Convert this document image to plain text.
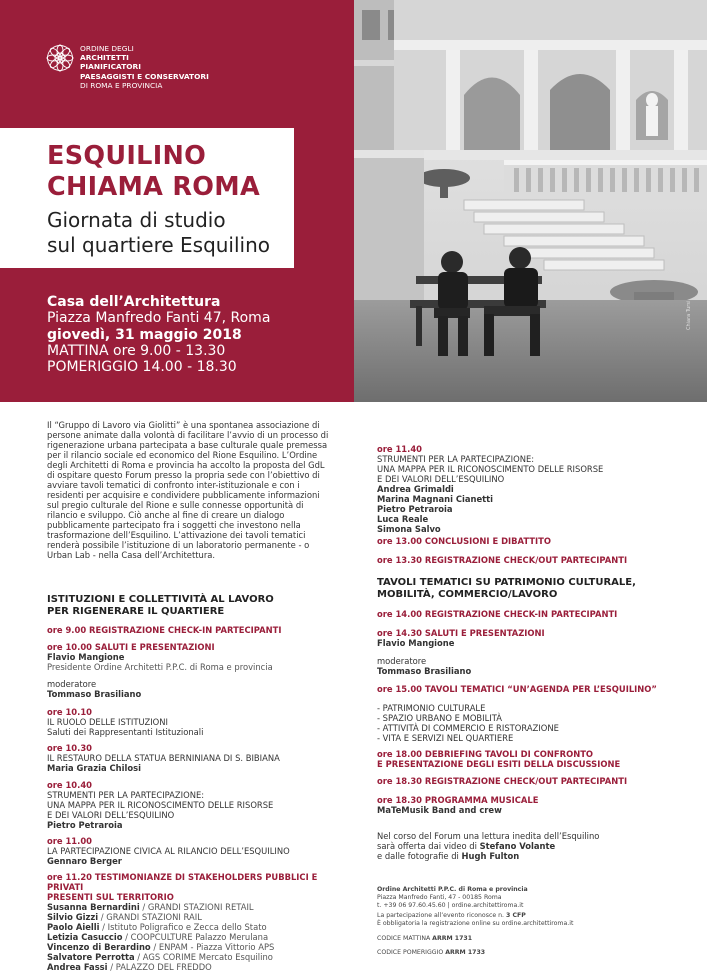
ORDINE DEGLI
ARCHITETTI
PIANIFICATORI
PAESAGGISTI E CONSERVATORI
DI ROMA E PROVINCIA
ESQUILINO
CHIAMA ROMA
Giornata di studio
sul quartiere Esquilino
Casa dell’Architettura
Piazza Manfredo Fanti 47, Roma
giovedì, 31 maggio 2018
MATTINA ore 9.00 - 13.30
POMERIGGIO 14.00 - 18.30
Chiara Tursi
Il “Gruppo di Lavoro via Giolitti” è una spontanea associazione di persone animate dalla volontà di facilitare l’avvio di un processo di rigenerazione urbana partecipata a base culturale quale premessa per il rilancio sociale ed economico del Rione Esquilino. L’Ordine degli Architetti di Roma e provincia ha accolto la proposta del GdL di ospitare questo Forum presso la propria sede con l’obiettivo di avviare tavoli tematici di confronto inter-istituzionale e con i residenti per acquisire e condividere pubblicamente informazioni sul pregio culturale del Rione e sulle connesse opportunità di rilancio e sviluppo. Ciò anche al fine di creare un dialogo pubblicamente partecipato fra i soggetti che investono nella trasformazione dell’Esquilino. L’attivazione dei tavoli tematici renderà possibile l’istituzione di un laboratorio permanente - o Urban Lab - nella Casa dell’Architettura.
ISTITUZIONI E COLLETTIVITÀ AL LAVORO
PER RIGENERARE IL QUARTIERE
ore 9.00 REGISTRAZIONE CHECK-IN PARTECIPANTI
ore 10.00 SALUTI E PRESENTAZIONI
Flavio Mangione
Presidente Ordine Architetti P.P.C. di Roma e provincia
moderatore
Tommaso Brasiliano
ore 10.10
IL RUOLO DELLE ISTITUZIONI
Saluti dei Rappresentanti Istituzionali
ore 10.30
IL RESTAURO DELLA STATUA BERNINIANA DI S. BIBIANA
Maria Grazia Chilosi
ore 10.40
STRUMENTI PER LA PARTECIPAZIONE:
UNA MAPPA PER IL RICONOSCIMENTO DELLE RISORSE
E DEI VALORI DELL’ESQUILINO
Pietro Petraroia
ore 11.00
LA PARTECIPAZIONE CIVICA AL RILANCIO DELL’ESQUILINO
Gennaro Berger
ore 11.20 TESTIMONIANZE DI STAKEHOLDERS PUBBLICI E PRIVATI
PRESENTI SUL TERRITORIO
Susanna Bernardini / GRANDI STAZIONI RETAIL
Silvio Gizzi / GRANDI STAZIONI RAIL
Paolo Aielli / Istituto Poligrafico e Zecca dello Stato
Letizia Casuccio / COOPCULTURE Palazzo Merulana
Vincenzo di Berardino / ENPAM - Piazza Vittorio APS
Salvatore Perrotta / AGS CORIME Mercato Esquilino
Andrea Fassi / PALAZZO DEL FREDDO
ore 11.40
STRUMENTI PER LA PARTECIPAZIONE:
UNA MAPPA PER IL RICONOSCIMENTO DELLE RISORSE
E DEI VALORI DELL’ESQUILINO
Andrea Grimaldi
Marina Magnani Cianetti
Pietro Petraroia
Luca Reale
Simona Salvo
ore 13.00 CONCLUSIONI E DIBATTITO
ore 13.30 REGISTRAZIONE CHECK/OUT PARTECIPANTI
TAVOLI TEMATICI SU PATRIMONIO CULTURALE,
MOBILITÀ, COMMERCIO/LAVORO
ore 14.00 REGISTRAZIONE CHECK-IN PARTECIPANTI
ore 14.30 SALUTI E PRESENTAZIONI
Flavio Mangione
moderatore
Tommaso Brasiliano
ore 15.00 TAVOLI TEMATICI “UN’AGENDA PER L’ESQUILINO”
- PATRIMONIO CULTURALE
- SPAZIO URBANO E MOBILITÀ
- ATTIVITÀ DI COMMERCIO E RISTORAZIONE
- VITA E SERVIZI NEL QUARTIERE
ore 18.00 DEBRIEFING TAVOLI DI CONFRONTO
E PRESENTAZIONE DEGLI ESITI DELLA DISCUSSIONE
ore 18.30 REGISTRAZIONE CHECK/OUT PARTECIPANTI
ore 18.30 PROGRAMMA MUSICALE
MaTeMusik Band and crew
Nel corso del Forum una lettura inedita dell’Esquilino
sarà offerta dai video di Stefano Volante
e dalle fotografie di Hugh Fulton
Ordine Architetti P.P.C. di Roma e provincia
Piazza Manfredo Fanti, 47 - 00185 Roma
t. +39 06 97.60.45.60 | ordine.architettiroma.it
La partecipazione all’evento riconosce n. 3 CFP
È obbligatoria la registrazione online su ordine.architettiroma.it
CODICE MATTINA ARRM 1731
CODICE POMERIGGIO ARRM 1733
